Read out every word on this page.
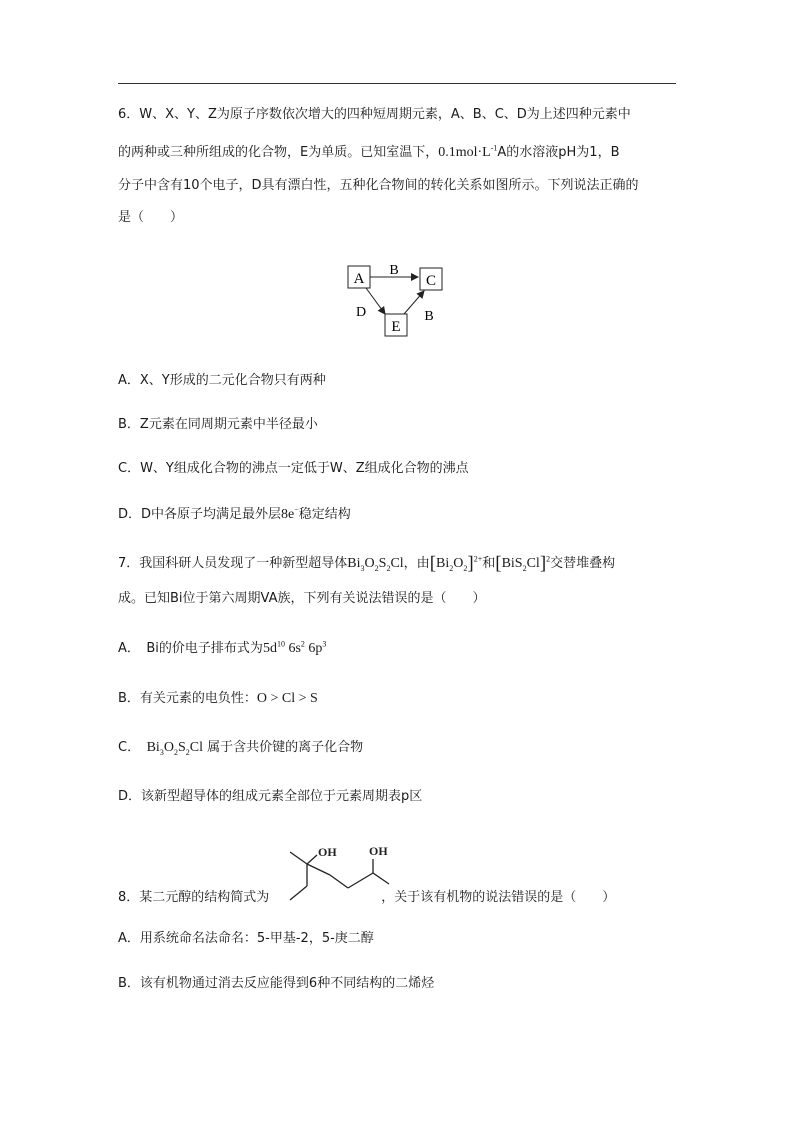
6．W、X、Y、Z为原子序数依次增大的四种短周期元素，A、B、C、D为上述四种元素中
的两种或三种所组成的化合物，E为单质。已知室温下，$0.1mol\cdot L^{-1}A$的水溶液pH为1，B
分子中含有10个电子，D具有漂白性，五种化合物间的转化关系如图所示。下列说法正确的
是（　　）
A	C
E
B
D	B
A．X、Y形成的二元化合物只有两种
B．Z元素在同周期元素中半径最小
C．W、Y组成化合物的沸点一定低于W、Z组成化合物的沸点
D．D中各原子均满足最外层8e−稳定结构
7．我国科研人员发现了一种新型超导体$Bi_3O_2S_2Cl$，由$[Bi_2O_2]^{2+}$和$[BiS_2Cl]^2$交替堆叠构
成。已知Bi位于第六周期VA族，下列有关说法错误的是（　　）
A．　Bi的价电子排布式为$5d^{10}$ $6s^2$ $6p^3$
B．有关元素的电负性：O > Cl > S
C．　 $Bi_3O_2S_2Cl$ 属于含共价键的离子化合物
D．该新型超导体的组成元素全部位于元素周期表p区
OH	OH
8．某二元醇的结构简式为	，关于该有机物的说法错误的是（　　）
A．用系统命名法命名：5-甲基-2，5-庚二醇
B．该有机物通过消去反应能得到6种不同结构的二烯烃
